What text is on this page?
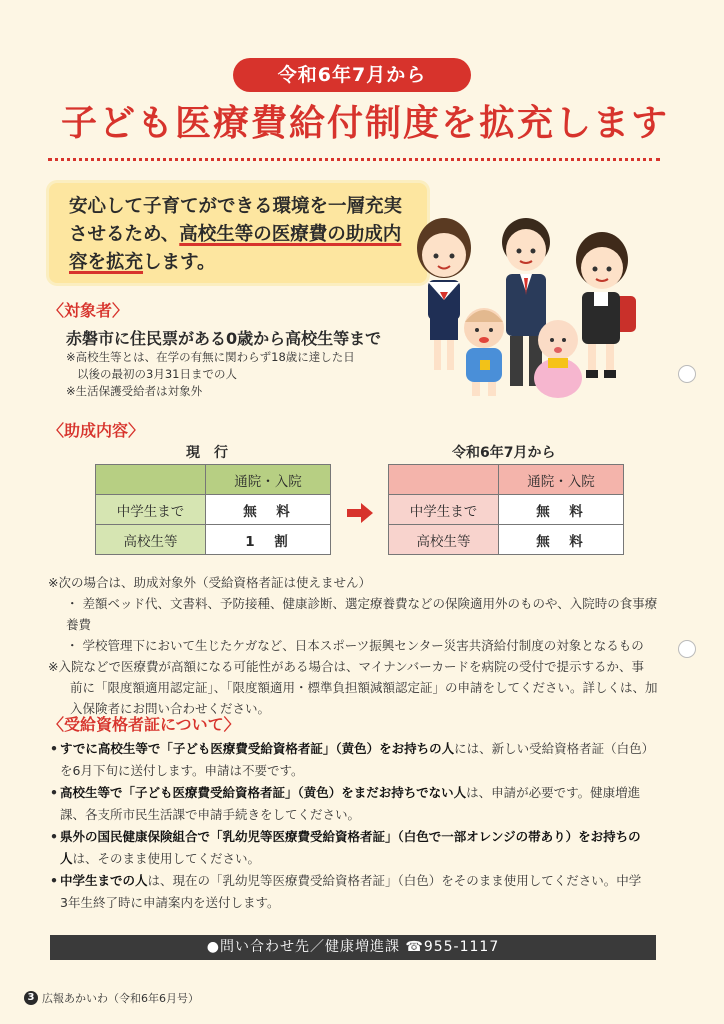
令和6年7月から
子ども医療費給付制度を拡充します
安心して子育てができる環境を一層充実
させるため、高校生等の医療費の助成内
容を拡充します。
〈対象者〉
赤磐市に住民票がある0歳から高校生等まで
※高校生等とは、在学の有無に関わらず18歳に達した日
以後の最初の3月31日までの人
※生活保護受給者は対象外
〈助成内容〉
現　行	令和6年7月から
	通院・入院
中学生まで	無　料
高校生等	1　割
	通院・入院
中学生まで	無　料
高校生等	無　料
※次の場合は、助成対象外（受給資格者証は使えません）
・ 差額ベッド代、文書料、予防接種、健康診断、選定療養費などの保険適用外のものや、入院時の食事療養費
・ 学校管理下において生じたケガなど、日本スポーツ振興センター災害共済給付制度の対象となるもの
※入院などで医療費が高額になる可能性がある場合は、マイナンバーカードを病院の受付で提示するか、事
前に「限度額適用認定証」、「限度額適用・標準負担額減額認定証」の申請をしてください。詳しくは、加
入保険者にお問い合わせください。
〈受給資格者証について〉
• すでに高校生等で「子ども医療費受給資格者証」（黄色）をお持ちの人には、新しい受給資格者証（白色）
を6月下旬に送付します。申請は不要です。
• 高校生等で「子ども医療費受給資格者証」（黄色）をまだお持ちでない人は、申請が必要です。健康増進
課、各支所市民生活課で申請手続きをしてください。
• 県外の国民健康保険組合で「乳幼児等医療費受給資格者証」（白色で一部オレンジの帯あり）をお持ちの
人は、そのまま使用してください。
• 中学生までの人は、現在の「乳幼児等医療費受給資格者証」（白色）をそのまま使用してください。中学
3年生終了時に申請案内を送付します。
●問い合わせ先／健康増進課 ☎955-1117
3 広報あかいわ（令和6年6月号）
